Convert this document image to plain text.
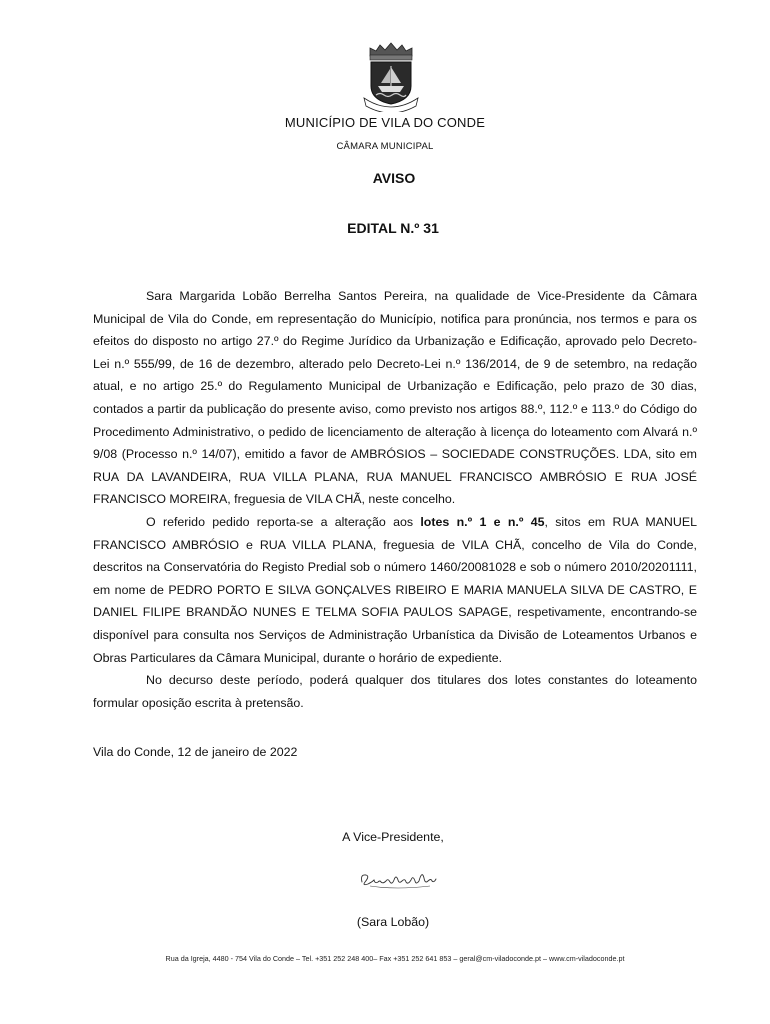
MUNICÍPIO DE VILA DO CONDE
CÂMARA MUNICIPAL
AVISO
EDITAL N.º 31

Sara Margarida Lobão Berrelha Santos Pereira, na qualidade de Vice-Presidente da Câmara Municipal de Vila do Conde, em representação do Município, notifica para pronúncia, nos termos e para os efeitos do disposto no artigo 27.º do Regime Jurídico da Urbanização e Edificação, aprovado pelo Decreto-Lei n.º 555/99, de 16 de dezembro, alterado pelo Decreto-Lei n.º 136/2014, de 9 de setembro, na redação atual, e no artigo 25.º do Regulamento Municipal de Urbanização e Edificação, pelo prazo de 30 dias, contados a partir da publicação do presente aviso, como previsto nos artigos 88.º, 112.º e 113.º do Código do Procedimento Administrativo, o pedido de licenciamento de alteração à licença do loteamento com Alvará n.º 9/08 (Processo n.º 14/07), emitido a favor de AMBRÓSIOS – SOCIEDADE CONSTRUÇÕES. LDA, sito em RUA DA LAVANDEIRA, RUA VILLA PLANA, RUA MANUEL FRANCISCO AMBRÓSIO E RUA JOSÉ FRANCISCO MOREIRA, freguesia de VILA CHÃ, neste concelho.

O referido pedido reporta-se a alteração aos lotes n.º 1 e n.º 45, sitos em RUA MANUEL FRANCISCO AMBRÓSIO e RUA VILLA PLANA, freguesia de VILA CHÃ, concelho de Vila do Conde, descritos na Conservatória do Registo Predial sob o número 1460/20081028 e sob o número 2010/20201111, em nome de PEDRO PORTO E SILVA GONÇALVES RIBEIRO E MARIA MANUELA SILVA DE CASTRO, E DANIEL FILIPE BRANDÃO NUNES E TELMA SOFIA PAULOS SAPAGE, respetivamente, encontrando-se disponível para consulta nos Serviços de Administração Urbanística da Divisão de Loteamentos Urbanos e Obras Particulares da Câmara Municipal, durante o horário de expediente.

No decurso deste período, poderá qualquer dos titulares dos lotes constantes do loteamento formular oposição escrita à pretensão.

Vila do Conde, 12 de janeiro de 2022
A Vice-Presidente,
(Sara Lobão)
Rua da Igreja, 4480 - 754 Vila do Conde – Tel. +351 252 248 400– Fax +351 252 641 853 – geral@cm-viladoconde.pt – www.cm-viladoconde.pt
